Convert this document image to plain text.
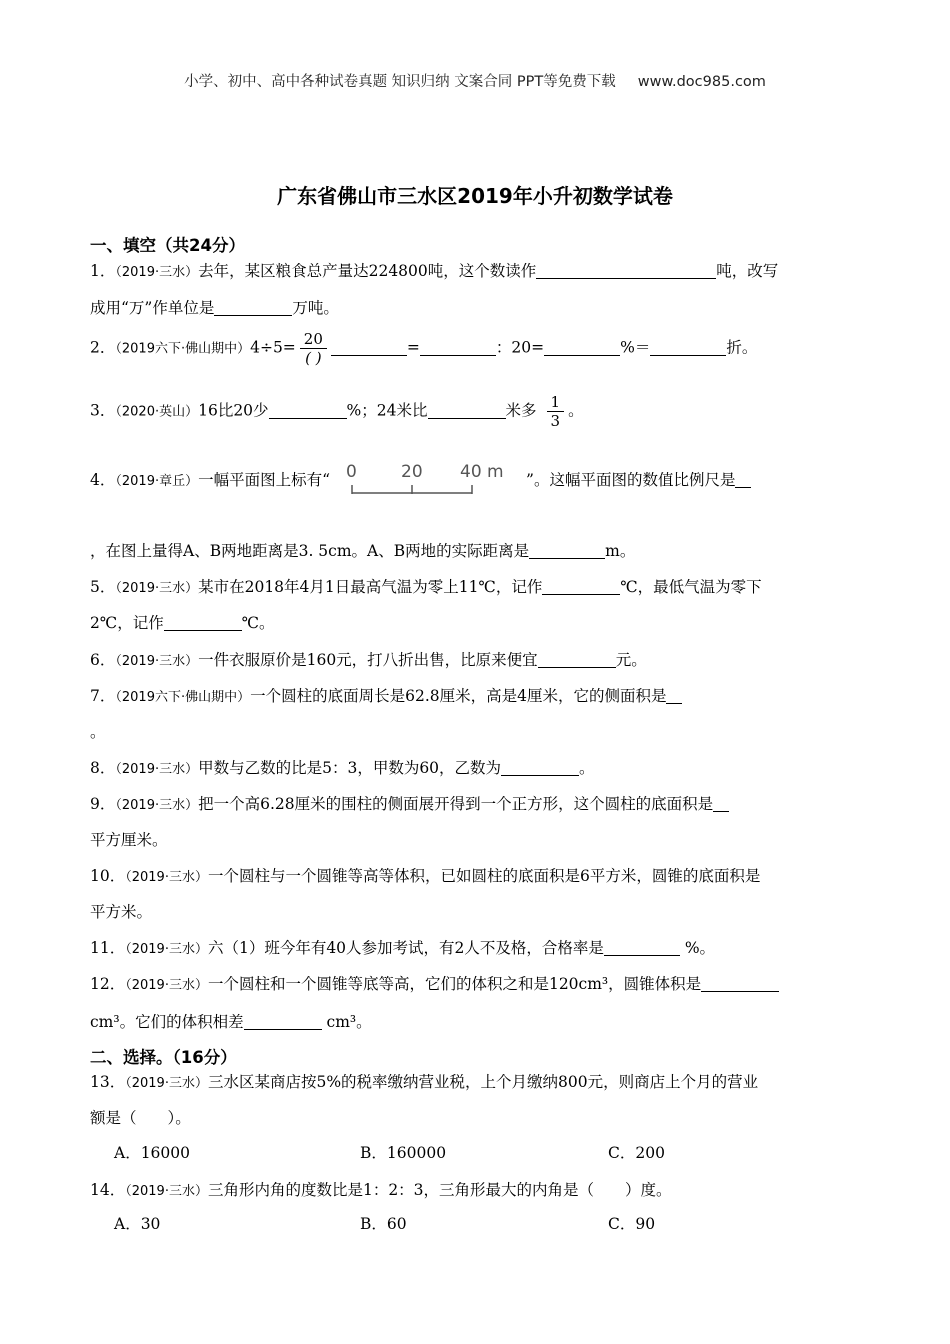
小学、初中、高中各种试卷真题 知识归纳 文案合同 PPT等免费下载 www.doc985.com
广东省佛山市三水区2019年小升初数学试卷
一、填空（共24分）
1．（2019·三水）去年，某区粮食总产量达224800吨，这个数读作	吨，改写
成用“万”作单位是	万吨。
2．（2019六下·佛山期中）$4\div 5= \frac{20}{( )}$	=	：20=	%＝	折。
3．（2020·英山）16比20少	%；24米比	米多 $\frac{1}{3}$ 。
4．（2019·章丘）一幅平面图上标有“ 0	20 40 m ”。这幅平面图的数值比例尺是
，在图上量得A、B两地距离是3. 5cm。A、B两地的实际距离是	m。
5．（2019·三水）某市在2018年4月1日最高气温为零上11℃，记作	℃，最低气温为零下
2℃，记作	℃。
6．（2019·三水）一件衣服原价是160元，打八折出售，比原来便宜	元。
7．（2019六下·佛山期中）一个圆柱的底面周长是62.8厘米，高是4厘米，它的侧面积是
。
8．（2019·三水）甲数与乙数的比是5：3，甲数为60，乙数为	。
9．（2019·三水）把一个高6.28厘米的围柱的侧面展开得到一个正方形，这个圆柱的底面积是
平方厘米。
10．（2019·三水）一个圆柱与一个圆锥等高等体积，已如圆柱的底面积是6平方米，圆锥的底面积是
平方米。
11．（2019·三水）六（1）班今年有40人参加考试，有2人不及格，合格率是	%。
12．（2019·三水）一个圆柱和一个圆锥等底等高，它们的体积之和是120cm³，圆锥体积是
cm³。它们的体积相差	cm³。
二、选择。（16分）
13．（2019·三水）三水区某商店按5%的税率缴纳营业税，上个月缴纳800元，则商店上个月的营业
额是（　　）。
A．16000	B．160000	C．200
14．（2019·三水）三角形内角的度数比是1：2：3，三角形最大的内角是（　　）度。
A．30	B．60	C．90
